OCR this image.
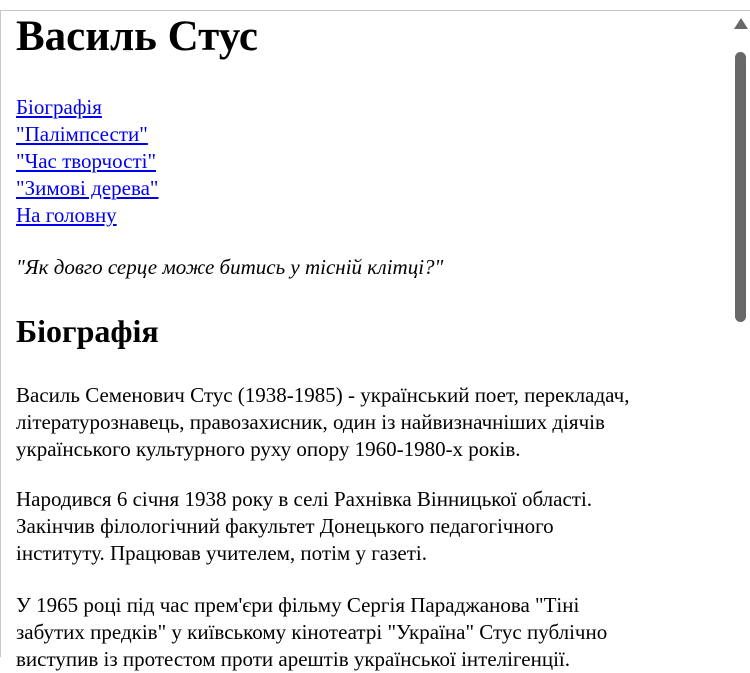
Василь Стус
Біографія
"Палімпсести"
"Час творчості"
"Зимові дерева"
На головну

"Як довго серце може битись у тісній клітці?"

Біографія

Василь Семенович Стус (1938-1985) - український поет, перекладач,
літературознавець, правозахисник, один із найвизначніших діячів
українського культурного руху опору 1960-1980-х років.

Народився 6 січня 1938 року в селі Рахнівка Вінницької області.
Закінчив філологічний факультет Донецького педагогічного
інституту. Працював учителем, потім у газеті.

У 1965 році під час прем'єри фільму Сергія Параджанова "Тіні
забутих предків" у київському кінотеатрі "Україна" Стус публічно
виступив із протестом проти арештів української інтелігенції.
